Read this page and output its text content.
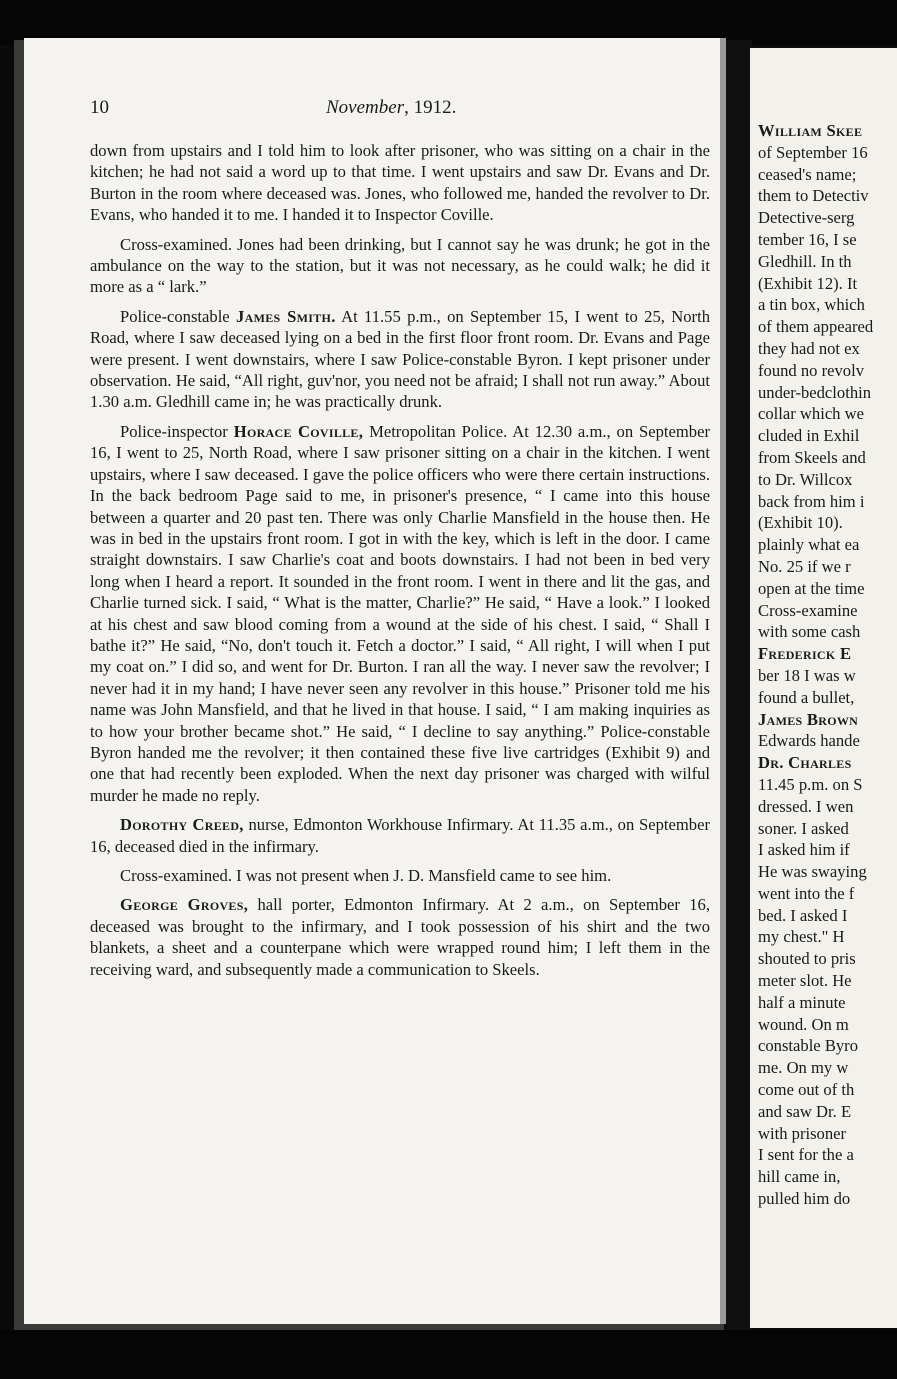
10	November, 1912.

down from upstairs and I told him to look after prisoner, who was sitting on a chair in the kitchen; he had not said a word up to that time. I went upstairs and saw Dr. Evans and Dr. Burton in the room where deceased was. Jones, who followed me, handed the revolver to Dr. Evans, who handed it to me. I handed it to Inspector Coville.

Cross-examined. Jones had been drinking, but I cannot say he was drunk; he got in the ambulance on the way to the station, but it was not necessary, as he could walk; he did it more as a “ lark.”

Police-constable James Smith. At 11.55 p.m., on September 15, I went to 25, North Road, where I saw deceased lying on a bed in the first floor front room. Dr. Evans and Page were present. I went downstairs, where I saw Police-constable Byron. I kept prisoner under observation. He said, “All right, guv'nor, you need not be afraid; I shall not run away.” About 1.30 a.m. Gledhill came in; he was practically drunk.

Police-inspector Horace Coville, Metropolitan Police. At 12.30 a.m., on September 16, I went to 25, North Road, where I saw prisoner sitting on a chair in the kitchen. I went upstairs, where I saw deceased. I gave the police officers who were there certain instructions. In the back bedroom Page said to me, in prisoner's presence, “ I came into this house between a quarter and 20 past ten. There was only Charlie Mansfield in the house then. He was in bed in the upstairs front room. I got in with the key, which is left in the door. I came straight downstairs. I saw Charlie's coat and boots downstairs. I had not been in bed very long when I heard a report. It sounded in the front room. I went in there and lit the gas, and Charlie turned sick. I said, “ What is the matter, Charlie?” He said, “ Have a look.” I looked at his chest and saw blood coming from a wound at the side of his chest. I said, “ Shall I bathe it?” He said, “No, don't touch it. Fetch a doctor.” I said, “ All right, I will when I put my coat on.” I did so, and went for Dr. Burton. I ran all the way. I never saw the revolver; I never had it in my hand; I have never seen any revolver in this house.” Prisoner told me his name was John Mansfield, and that he lived in that house. I said, “ I am making inquiries as to how your brother became shot.” He said, “ I decline to say anything.” Police-constable Byron handed me the revolver; it then contained these five live cartridges (Exhibit 9) and one that had recently been exploded. When the next day prisoner was charged with wilful murder he made no reply.

Dorothy Creed, nurse, Edmonton Workhouse Infirmary. At 11.35 a.m., on September 16, deceased died in the infirmary.

Cross-examined. I was not present when J. D. Mansfield came to see him.

George Groves, hall porter, Edmonton Infirmary. At 2 a.m., on September 16, deceased was brought to the infirmary, and I took possession of his shirt and the two blankets, a sheet and a counterpane which were wrapped round him; I left them in the receiving ward, and subsequently made a communication to Skeels.

William Skee
of September 16
ceased's name;
them to Detectiv
Detective-serg
tember 16, I se
Gledhill. In th
(Exhibit 12). It
a tin box, which
of them appeared
they had not ex
found no revolv
under-bedclothin
collar which we
cluded in Exhil
from Skeels and
to Dr. Willcox
back from him i
(Exhibit 10).
plainly what ea
No. 25 if we r
open at the time
Cross-examine
with some cash
Frederick E
ber 18 I was w
found a bullet,
James Brown
Edwards hande
Dr. Charles
11.45 p.m. on S
dressed. I wen
soner. I asked
I asked him if
He was swaying
went into the f
bed. I asked I
my chest." H
shouted to pris
meter slot. He
half a minute
wound. On m
constable Byro
me. On my w
come out of th
and saw Dr. E
with prisoner
I sent for the a
hill came in,
pulled him do
